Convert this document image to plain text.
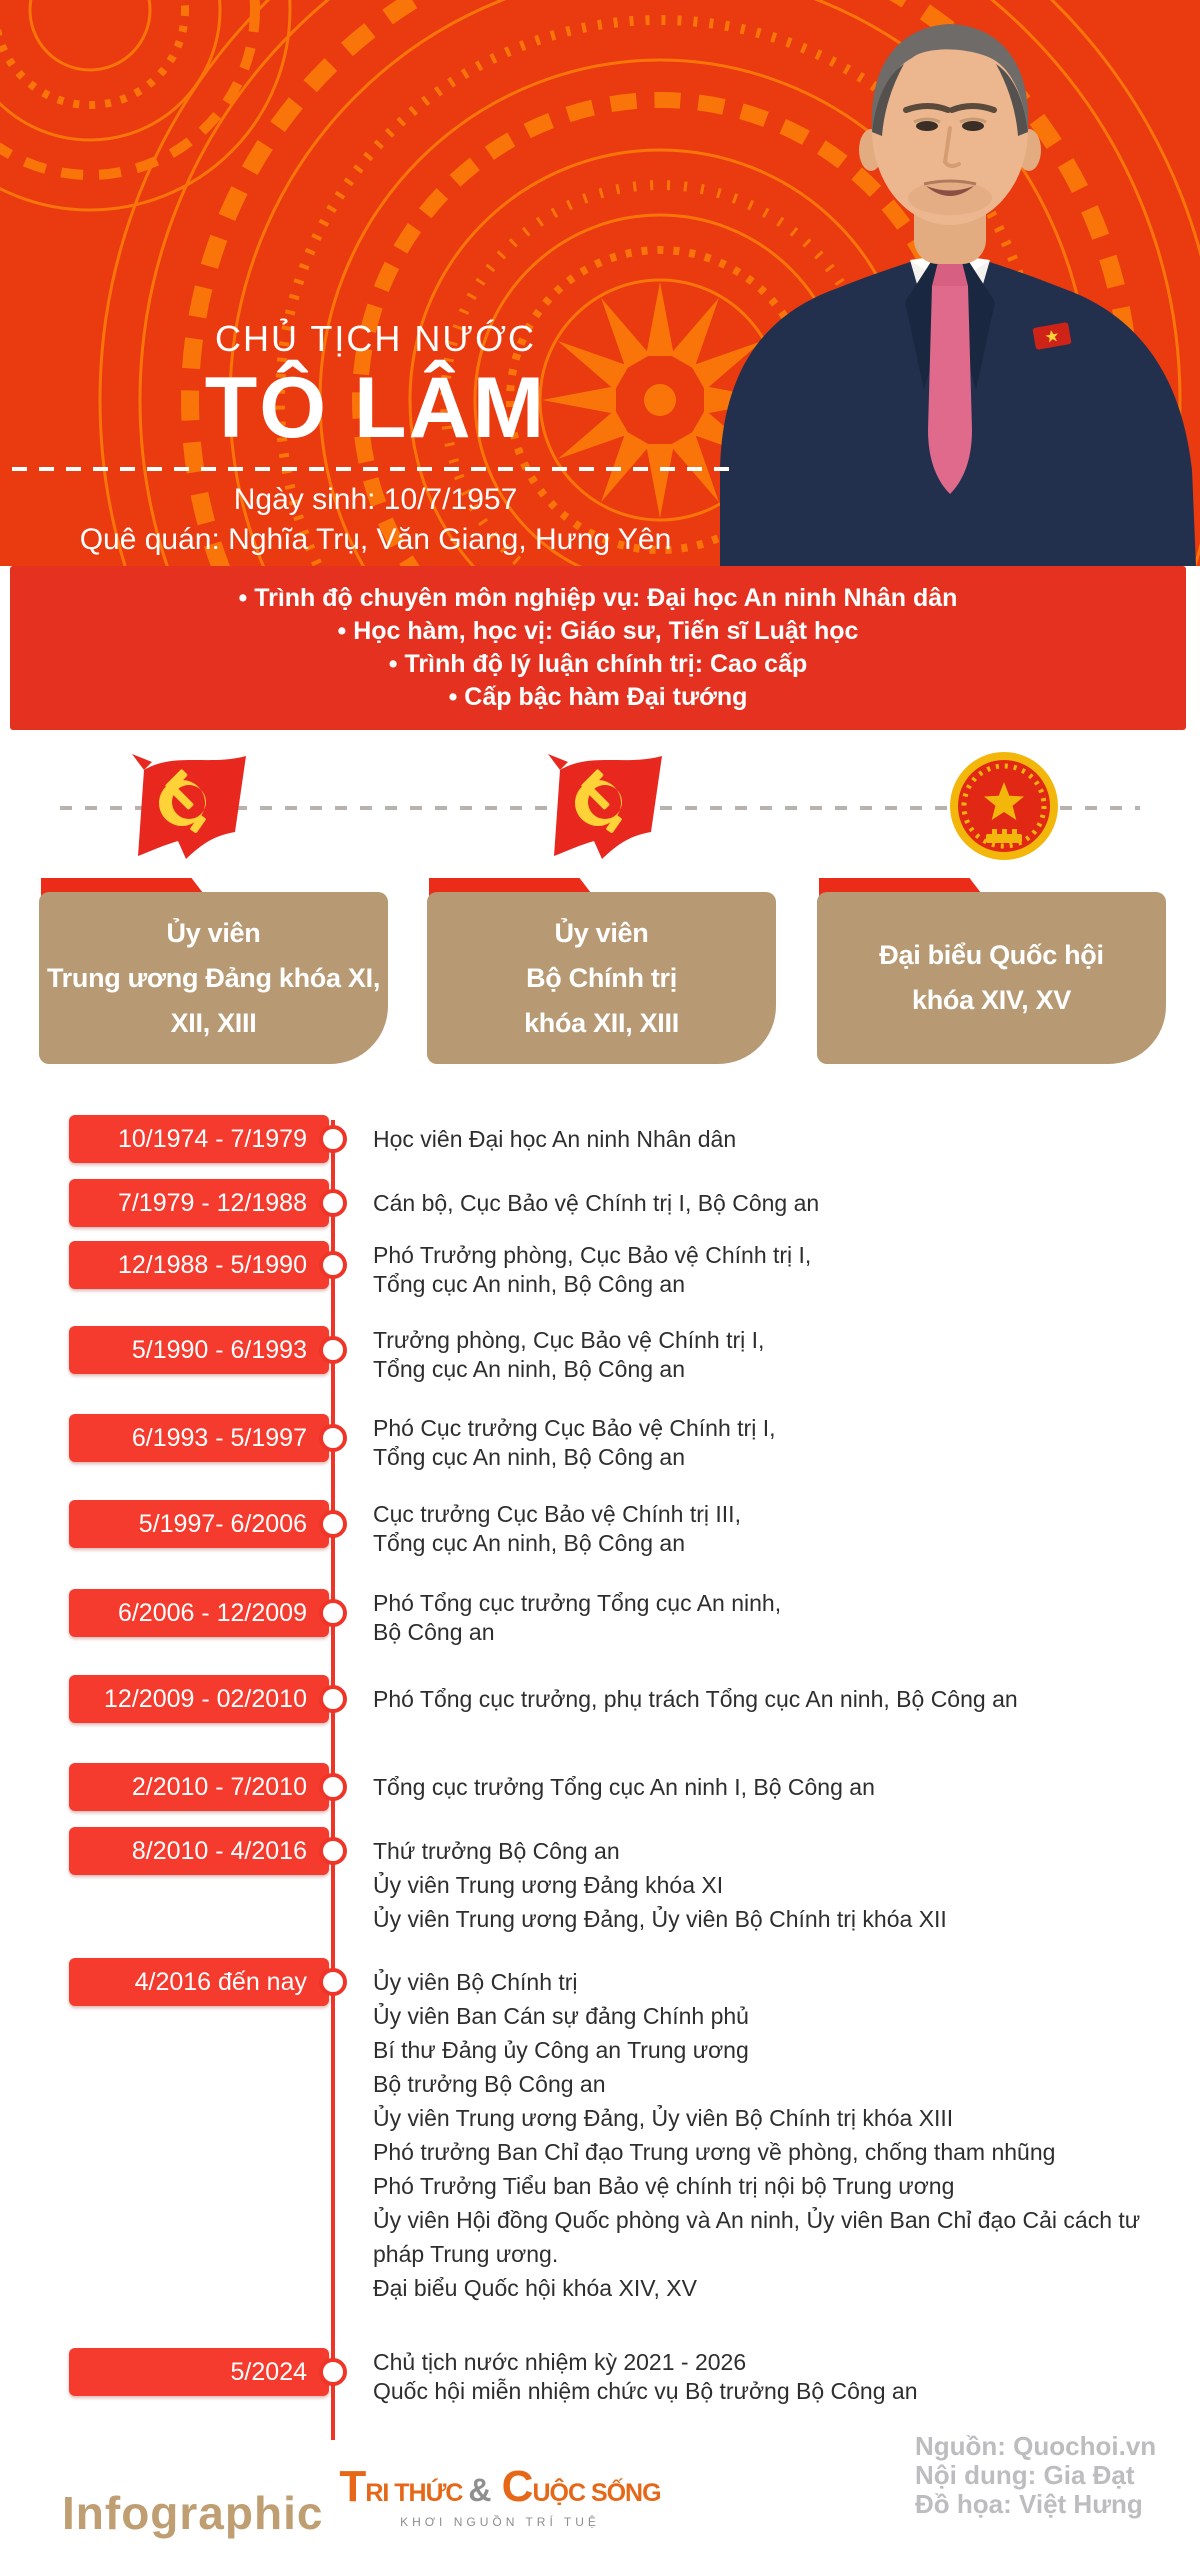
CHỦ TỊCH NƯỚC
TÔ LÂM
Ngày sinh: 10/7/1957
Quê quán: Nghĩa Trụ, Văn Giang, Hưng Yên
• Trình độ chuyên môn nghiệp vụ: Đại học An ninh Nhân dân
• Học hàm, học vị: Giáo sư, Tiến sĩ Luật học
• Trình độ lý luận chính trị: Cao cấp
• Cấp bậc hàm Đại tướng
Ủy viên
Trung ương Đảng khóa XI,
XII, XIII
Ủy viên
Bộ Chính trị
khóa XII, XIII
Đại biểu Quốc hội
khóa XIV, XV
10/1974 - 7/1979	Học viên Đại học An ninh Nhân dân
7/1979 - 12/1988	Cán bộ, Cục Bảo vệ Chính trị I, Bộ Công an
12/1988 - 5/1990	Phó Trưởng phòng, Cục Bảo vệ Chính trị I,
Tổng cục An ninh, Bộ Công an
5/1990 - 6/1993	Trưởng phòng, Cục Bảo vệ Chính trị I,
Tổng cục An ninh, Bộ Công an
6/1993 - 5/1997	Phó Cục trưởng Cục Bảo vệ Chính trị I,
Tổng cục An ninh, Bộ Công an
5/1997- 6/2006	Cục trưởng Cục Bảo vệ Chính trị III,
Tổng cục An ninh, Bộ Công an
6/2006 - 12/2009	Phó Tổng cục trưởng Tổng cục An ninh,
Bộ Công an
12/2009 - 02/2010	Phó Tổng cục trưởng, phụ trách Tổng cục An ninh, Bộ Công an
2/2010 - 7/2010	Tổng cục trưởng Tổng cục An ninh I, Bộ Công an
8/2010 - 4/2016	Thứ trưởng Bộ Công an
Ủy viên Trung ương Đảng khóa XI
Ủy viên Trung ương Đảng, Ủy viên Bộ Chính trị khóa XII
4/2016 đến nay	Ủy viên Bộ Chính trị
Ủy viên Ban Cán sự đảng Chính phủ
Bí thư Đảng ủy Công an Trung ương
Bộ trưởng Bộ Công an
Ủy viên Trung ương Đảng, Ủy viên Bộ Chính trị khóa XIII
Phó trưởng Ban Chỉ đạo Trung ương về phòng, chống tham nhũng
Phó Trưởng Tiểu ban Bảo vệ chính trị nội bộ Trung ương
Ủy viên Hội đồng Quốc phòng và An ninh, Ủy viên Ban Chỉ đạo Cải cách tư pháp Trung ương.
Đại biểu Quốc hội khóa XIV, XV
5/2024	Chủ tịch nước nhiệm kỳ 2021 - 2026
Quốc hội miễn nhiệm chức vụ Bộ trưởng Bộ Công an
Infographic
TRI THỨC & CUỘC SỐNG
KHƠI NGUỒN TRÍ TUỆ
Nguồn: Quochoi.vn
Nội dung: Gia Đạt
Đồ họa: Việt Hưng
